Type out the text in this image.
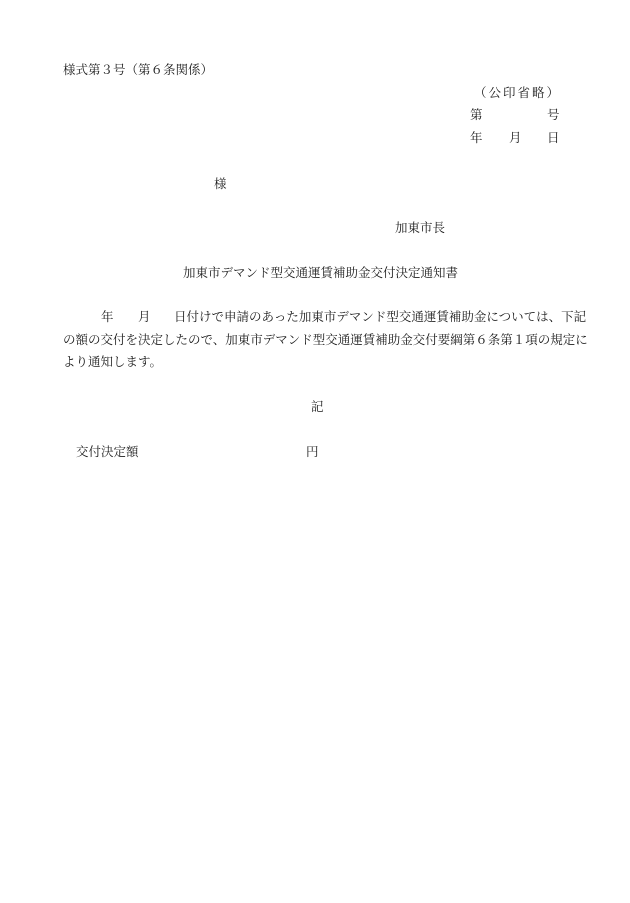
様式第３号（第６条関係）
（公印省略）
第	号
年 月 日
様
加東市長
加東市デマンド型交通運賃補助金交付決定通知書
年 月 日付けで申請のあった加東市デマンド型交通運賃補助金については、下記
の額の交付を決定したので、加東市デマンド型交通運賃補助金交付要綱第６条第１項の規定に
より通知します。
記
交付決定額	円
